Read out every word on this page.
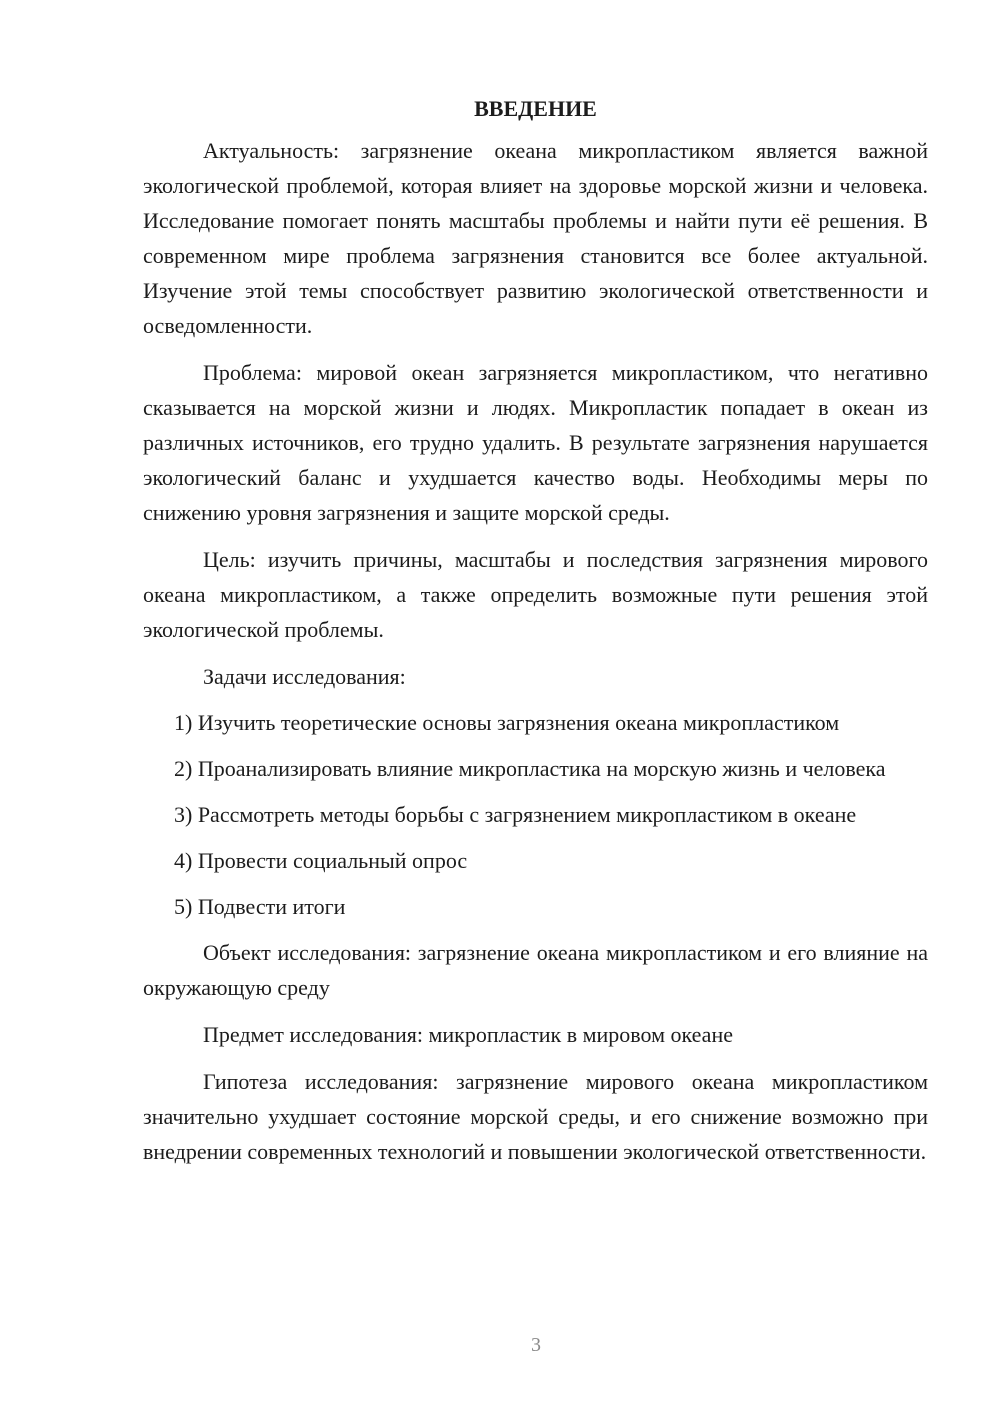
ВВЕДЕНИЕ

Актуальность: загрязнение океана микропластиком является важной экологической проблемой, которая влияет на здоровье морской жизни и человека. Исследование помогает понять масштабы проблемы и найти пути её решения. В современном мире проблема загрязнения становится все более актуальной. Изучение этой темы способствует развитию экологической ответственности и осведомленности.

Проблема: мировой океан загрязняется микропластиком, что негативно сказывается на морской жизни и людях. Микропластик попадает в океан из различных источников, его трудно удалить. В результате загрязнения нарушается экологический баланс и ухудшается качество воды. Необходимы меры по снижению уровня загрязнения и защите морской среды.

Цель: изучить причины, масштабы и последствия загрязнения мирового океана микропластиком, а также определить возможные пути решения этой экологической проблемы.

Задачи исследования:

1) Изучить теоретические основы загрязнения океана микропластиком

2) Проанализировать влияние микропластика на морскую жизнь и человека

3) Рассмотреть методы борьбы с загрязнением микропластиком в океане

4) Провести социальный опрос

5) Подвести итоги

Объект исследования: загрязнение океана микропластиком и его влияние на окружающую среду

Предмет исследования: микропластик в мировом океане

Гипотеза исследования: загрязнение мирового океана микропластиком значительно ухудшает состояние морской среды, и его снижение возможно при внедрении современных технологий и повышении экологической ответственности.

3
